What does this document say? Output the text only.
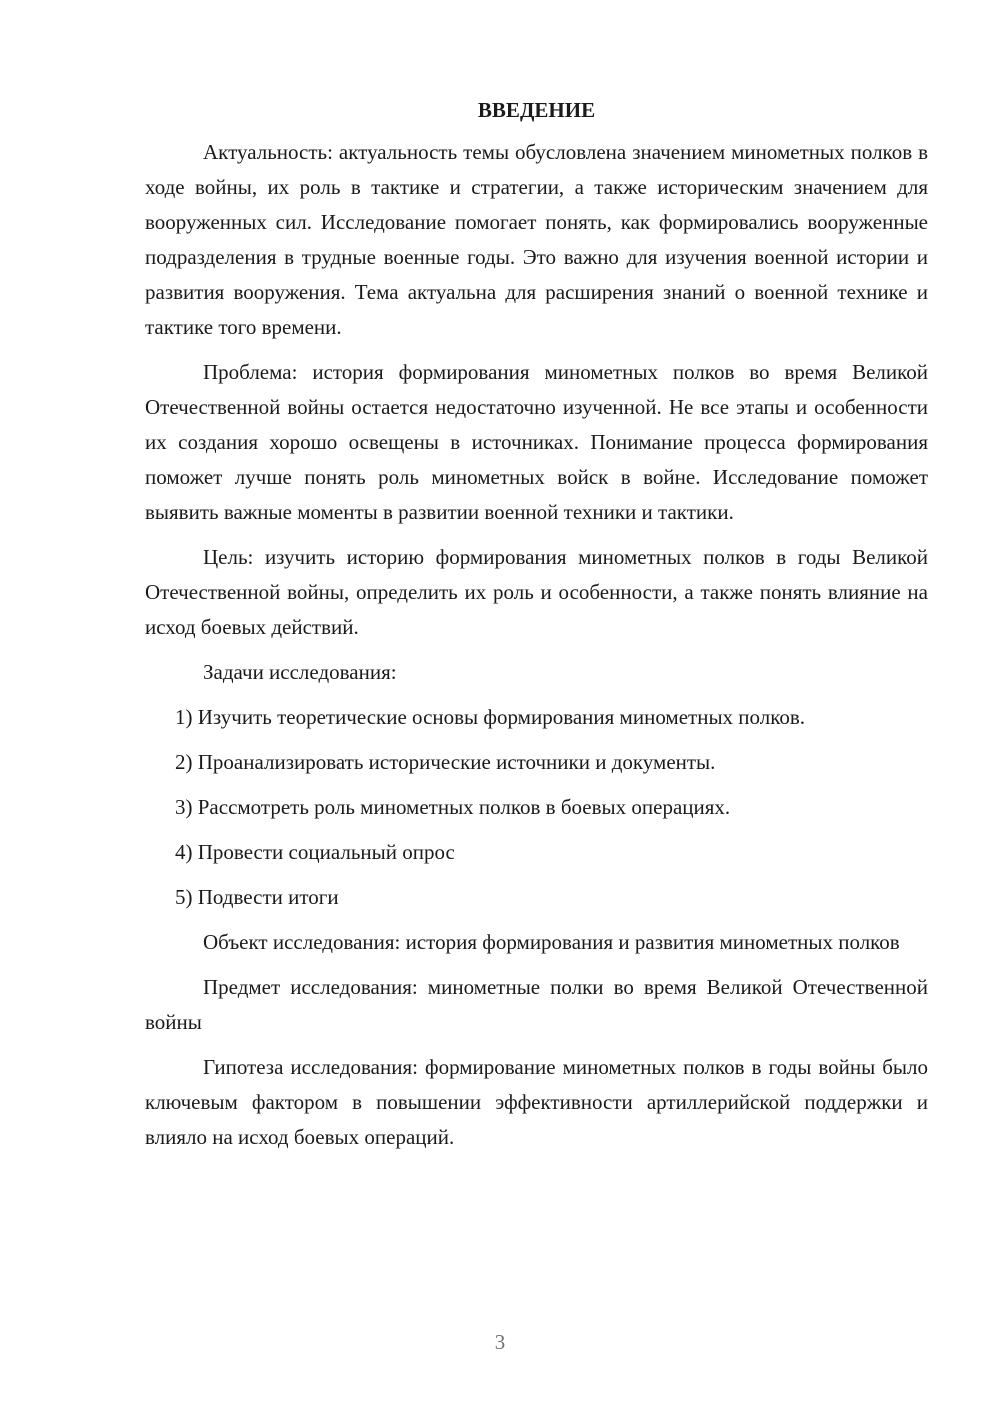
ВВЕДЕНИЕ

Актуальность: актуальность темы обусловлена значением минометных полков в ходе войны, их роль в тактике и стратегии, а также историческим значением для вооруженных сил. Исследование помогает понять, как формировались вооруженные подразделения в трудные военные годы. Это важно для изучения военной истории и развития вооружения. Тема актуальна для расширения знаний о военной технике и тактике того времени.

Проблема: история формирования минометных полков во время Великой Отечественной войны остается недостаточно изученной. Не все этапы и особенности их создания хорошо освещены в источниках. Понимание процесса формирования поможет лучше понять роль минометных войск в войне. Исследование поможет выявить важные моменты в развитии военной техники и тактики.

Цель: изучить историю формирования минометных полков в годы Великой Отечественной войны, определить их роль и особенности, а также понять влияние на исход боевых действий.

Задачи исследования:
1) Изучить теоретические основы формирования минометных полков.
2) Проанализировать исторические источники и документы.
3) Рассмотреть роль минометных полков в боевых операциях.
4) Провести социальный опрос
5) Подвести итоги

Объект исследования: история формирования и развития минометных полков

Предмет исследования: минометные полки во время Великой Отечественной войны

Гипотеза исследования: формирование минометных полков в годы войны было ключевым фактором в повышении эффективности артиллерийской поддержки и влияло на исход боевых операций.

3
